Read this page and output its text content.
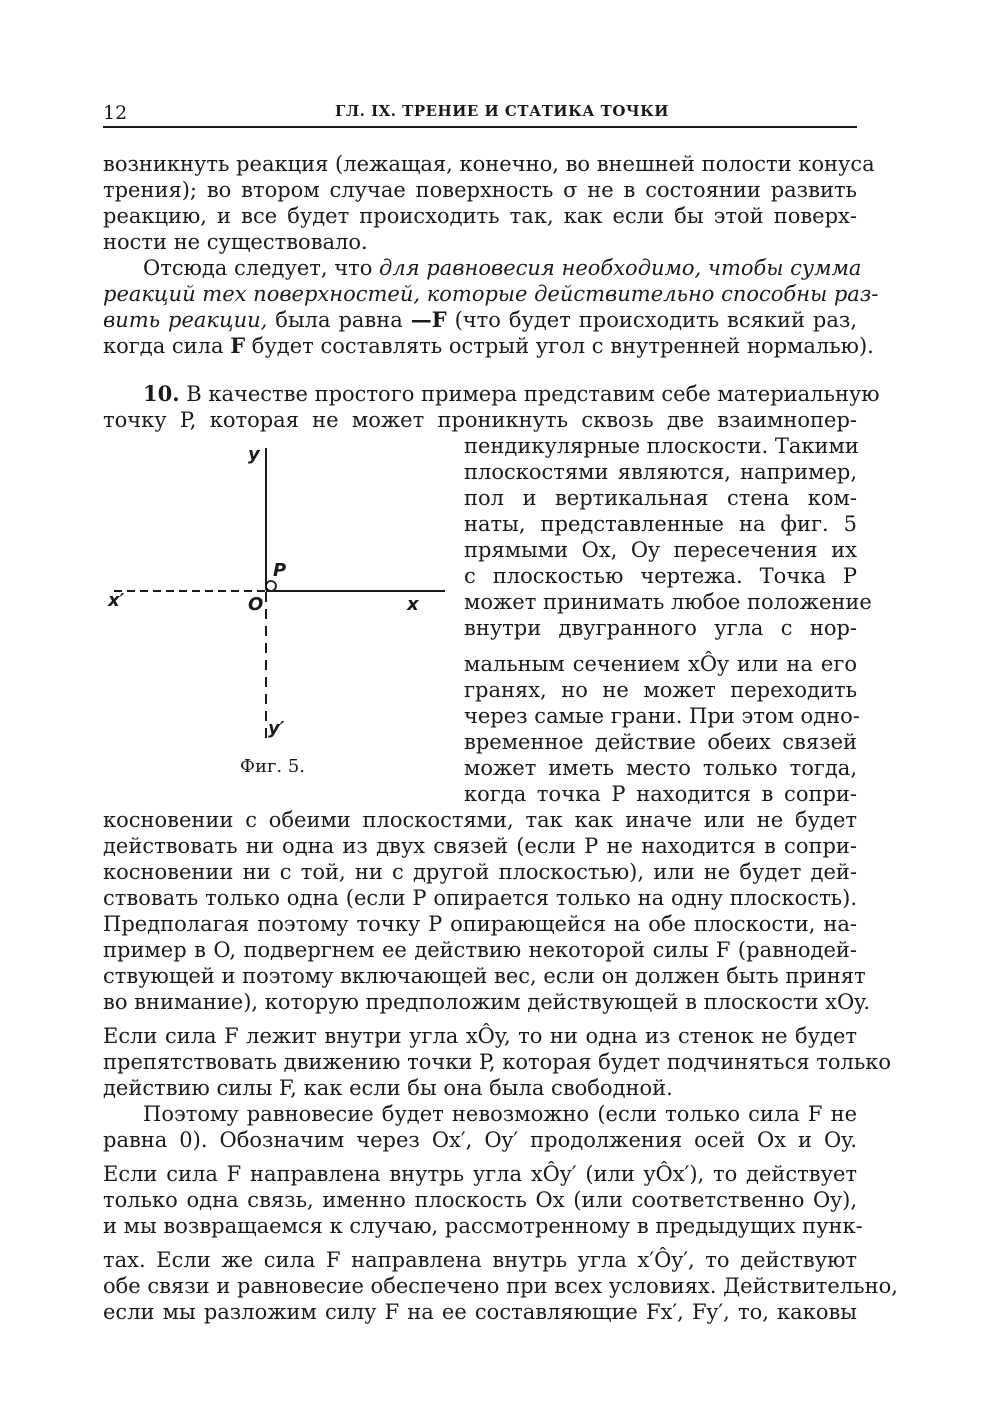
12	ГЛ. IX. ТРЕНИЕ И СТАТИКА ТОЧКИ
возникнуть реакция (лежащая, конечно, во внешней полости конуса
трения); во втором случае поверхность σ не в состоянии развить
реакцию, и все будет происходить так, как если бы этой поверх-
ности не существовало.
Отсюда следует, что для равновесия необходимо, чтобы сумма
реакций тех поверхностей, которые действительно способны раз-
вить реакции, была равна —F (что будет происходить всякий раз,
когда сила F будет составлять острый угол с внутренней нормалью).
10. В качестве простого примера представим себе материальную
точку P, которая не может проникнуть сквозь две взаимнопер-
пендикулярные плоскости. Такими
плоскостями являются, например,
пол и вертикальная стена ком-
наты, представленные на фиг. 5
прямыми Ox, Oy пересечения их
с плоскостью чертежа. Точка P
может принимать любое положение
внутри двугранного угла с нор-
мальным сечением xÔy или на его
гранях, но не может переходить
через самые грани. При этом одно-
временное действие обеих связей
может иметь место только тогда,
когда точка P находится в сопри-
y
P
x′	O	x
y′
Фиг. 5.
косновении с обеими плоскостями, так как иначе или не будет
действовать ни одна из двух связей (если P не находится в сопри-
косновении ни с той, ни с другой плоскостью), или не будет дей-
ствовать только одна (если P опирается только на одну плоскость).
Предполагая поэтому точку P опирающейся на обе плоскости, на-
пример в O, подвергнем ее действию некоторой силы F (равнодей-
ствующей и поэтому включающей вес, если он должен быть принят
во внимание), которую предположим действующей в плоскости xOy.
Если сила F лежит внутри угла xÔy, то ни одна из стенок не будет
препятствовать движению точки P, которая будет подчиняться только
действию силы F, как если бы она была свободной.
Поэтому равновесие будет невозможно (если только сила F не
равна 0). Обозначим через Ox′, Oy′ продолжения осей Ox и Oy.
Если сила F направлена внутрь угла xÔy′ (или yÔx′), то действует
только одна связь, именно плоскость Ox (или соответственно Oy),
и мы возвращаемся к случаю, рассмотренному в предыдущих пунк-
тах. Если же сила F направлена внутрь угла x′Ôy′, то действуют
обе связи и равновесие обеспечено при всех условиях. Действительно,
если мы разложим силу F на ее составляющие Fx′, Fy′, то, каковы
